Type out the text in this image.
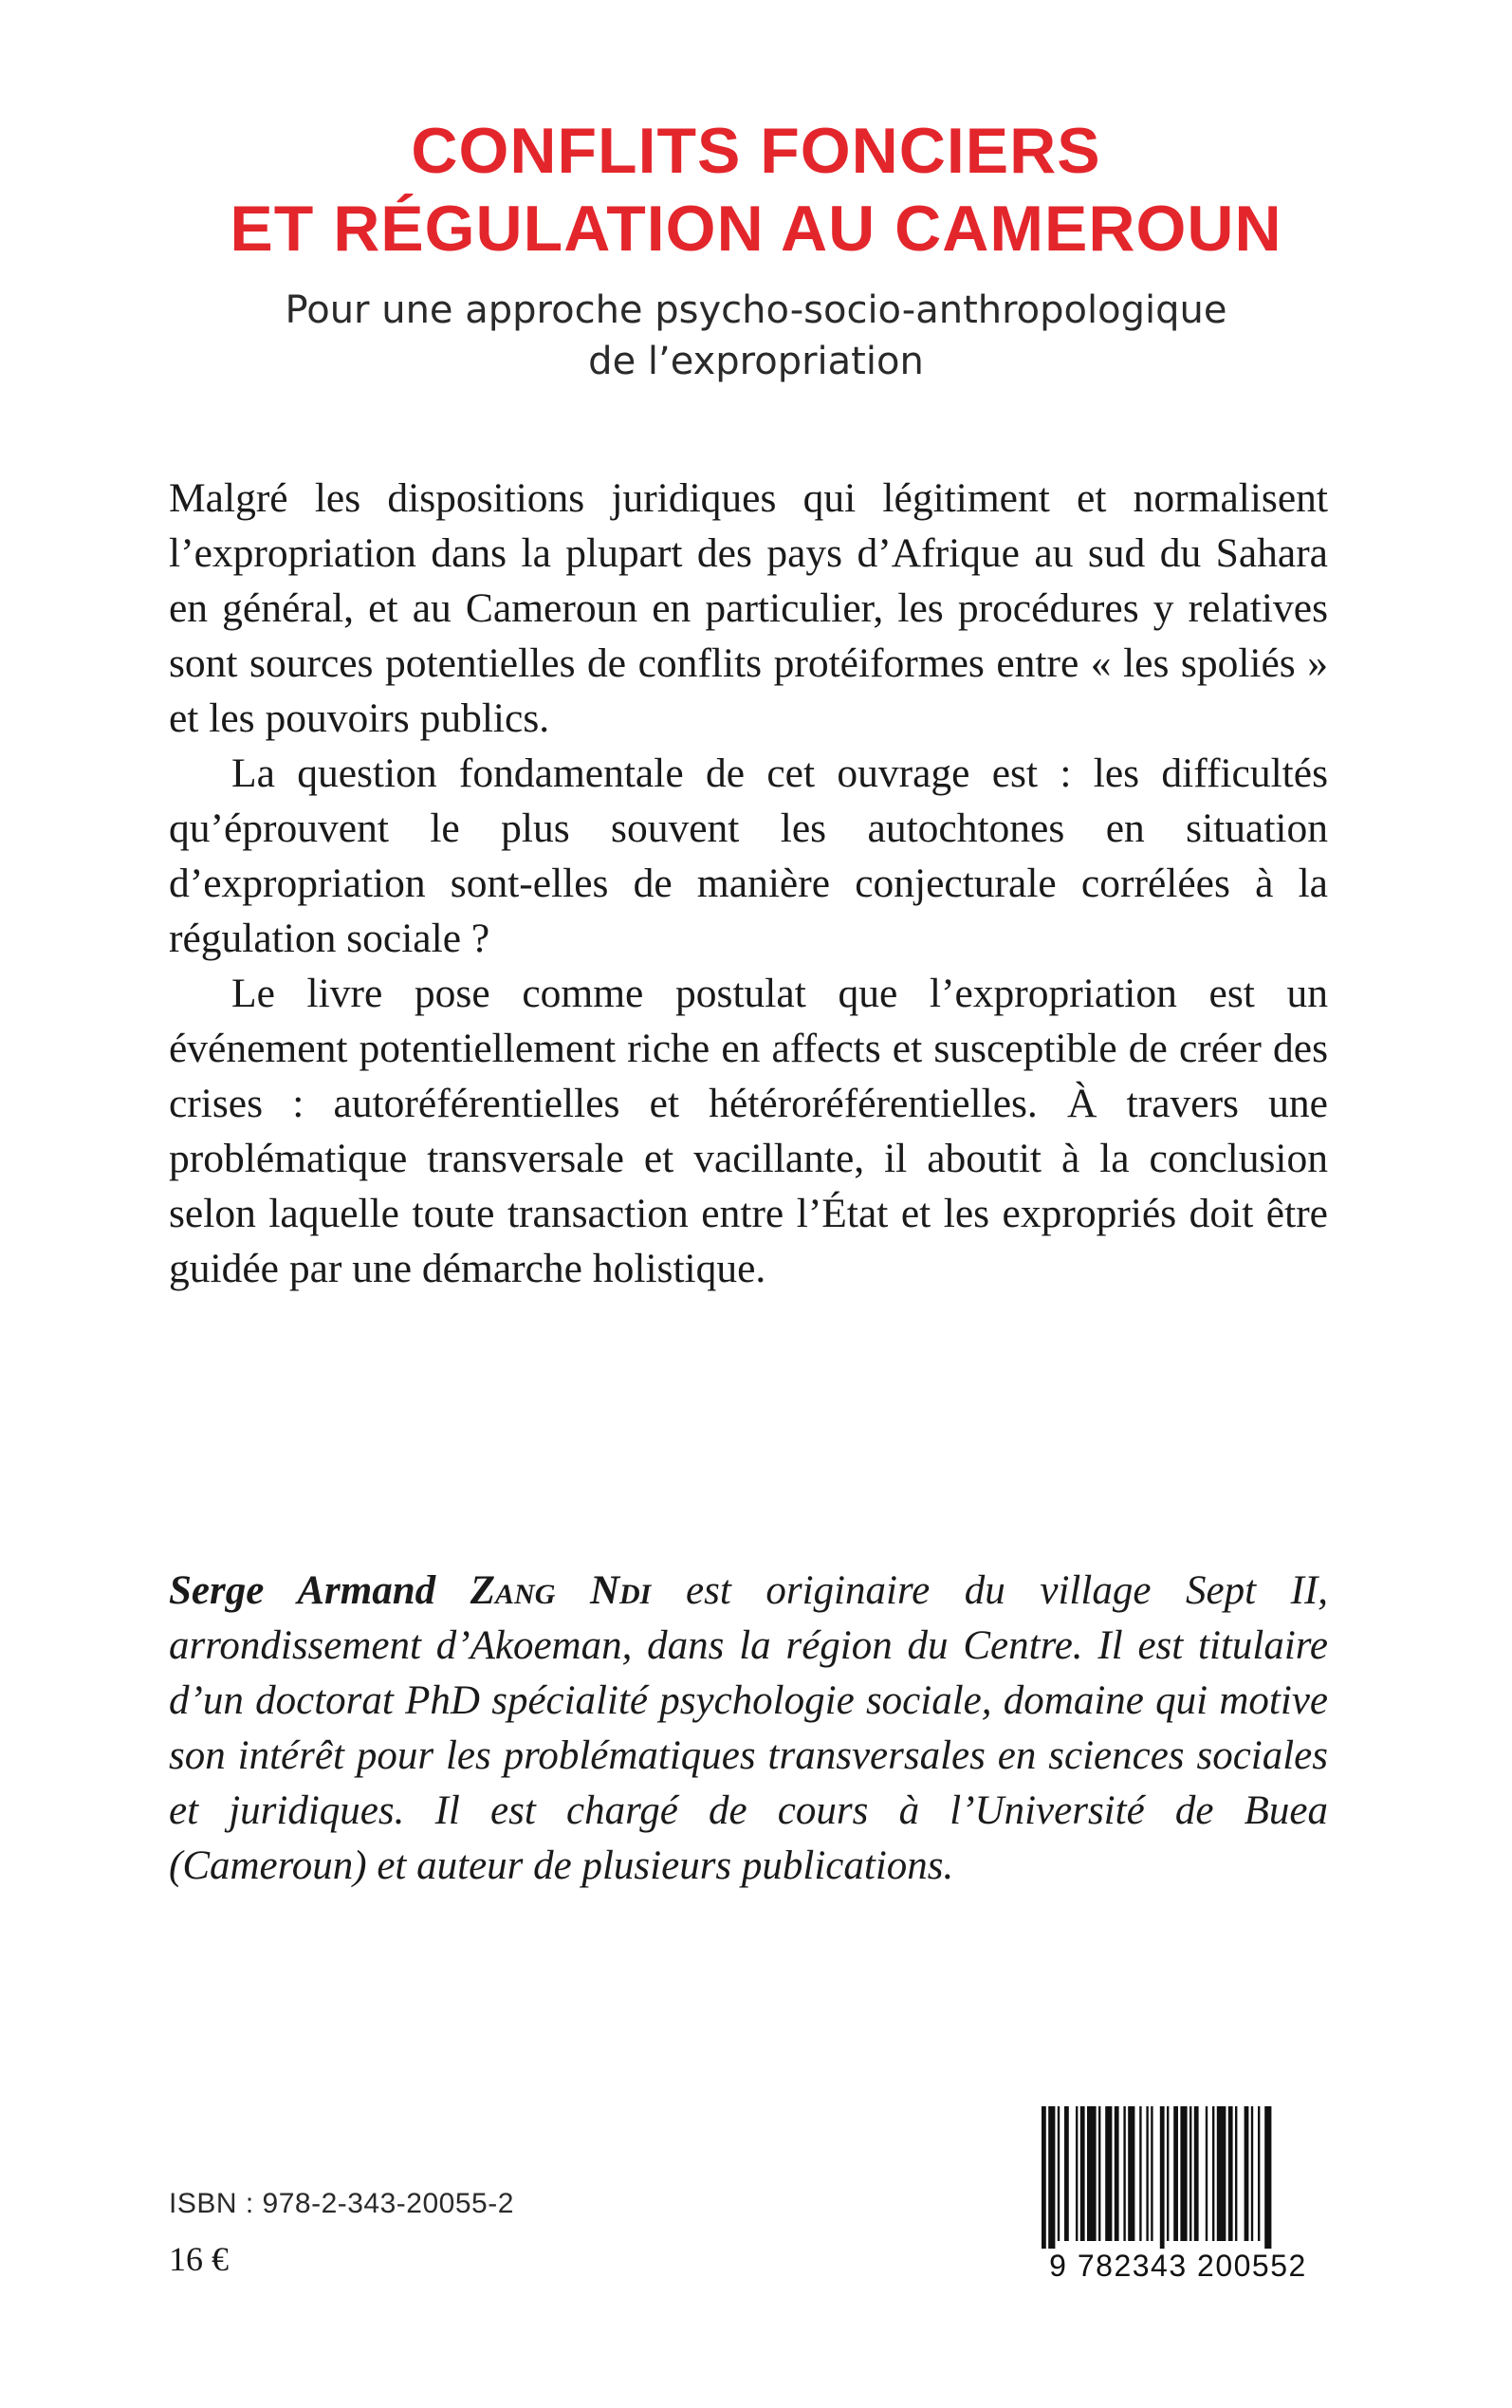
CONFLITS FONCIERS
ET RÉGULATION AU CAMEROUN
Pour une approche psycho-socio-anthropologique
de l’expropriation

Malgré les dispositions juridiques qui légitiment et normalisent l’expropriation dans la plupart des pays d’Afrique au sud du Sahara en général, et au Cameroun en particulier, les procédures y relatives sont sources potentielles de conflits protéiformes entre « les spoliés » et les pouvoirs publics.

La question fondamentale de cet ouvrage est : les difficultés qu’éprouvent le plus souvent les autochtones en situation d’expropriation sont-elles de manière conjecturale corrélées à la régulation sociale ?

Le livre pose comme postulat que l’expropriation est un événement potentiellement riche en affects et susceptible de créer des crises : autoréférentielles et hétéroréférentielles. À travers une problématique transversale et vacillante, il aboutit à la conclusion selon laquelle toute transaction entre l’État et les expropriés doit être guidée par une démarche holistique.

Serge Armand Zang Ndi est originaire du village Sept II, arrondissement d’Akoeman, dans la région du Centre. Il est titulaire d’un doctorat PhD spécialité psychologie sociale, domaine qui motive son intérêt pour les problématiques transversales en sciences sociales et juridiques. Il est chargé de cours à l’Université de Buea (Cameroun) et auteur de plusieurs publications.
ISBN : 978-2-343-20055-2
16 €	9 782343 200552
